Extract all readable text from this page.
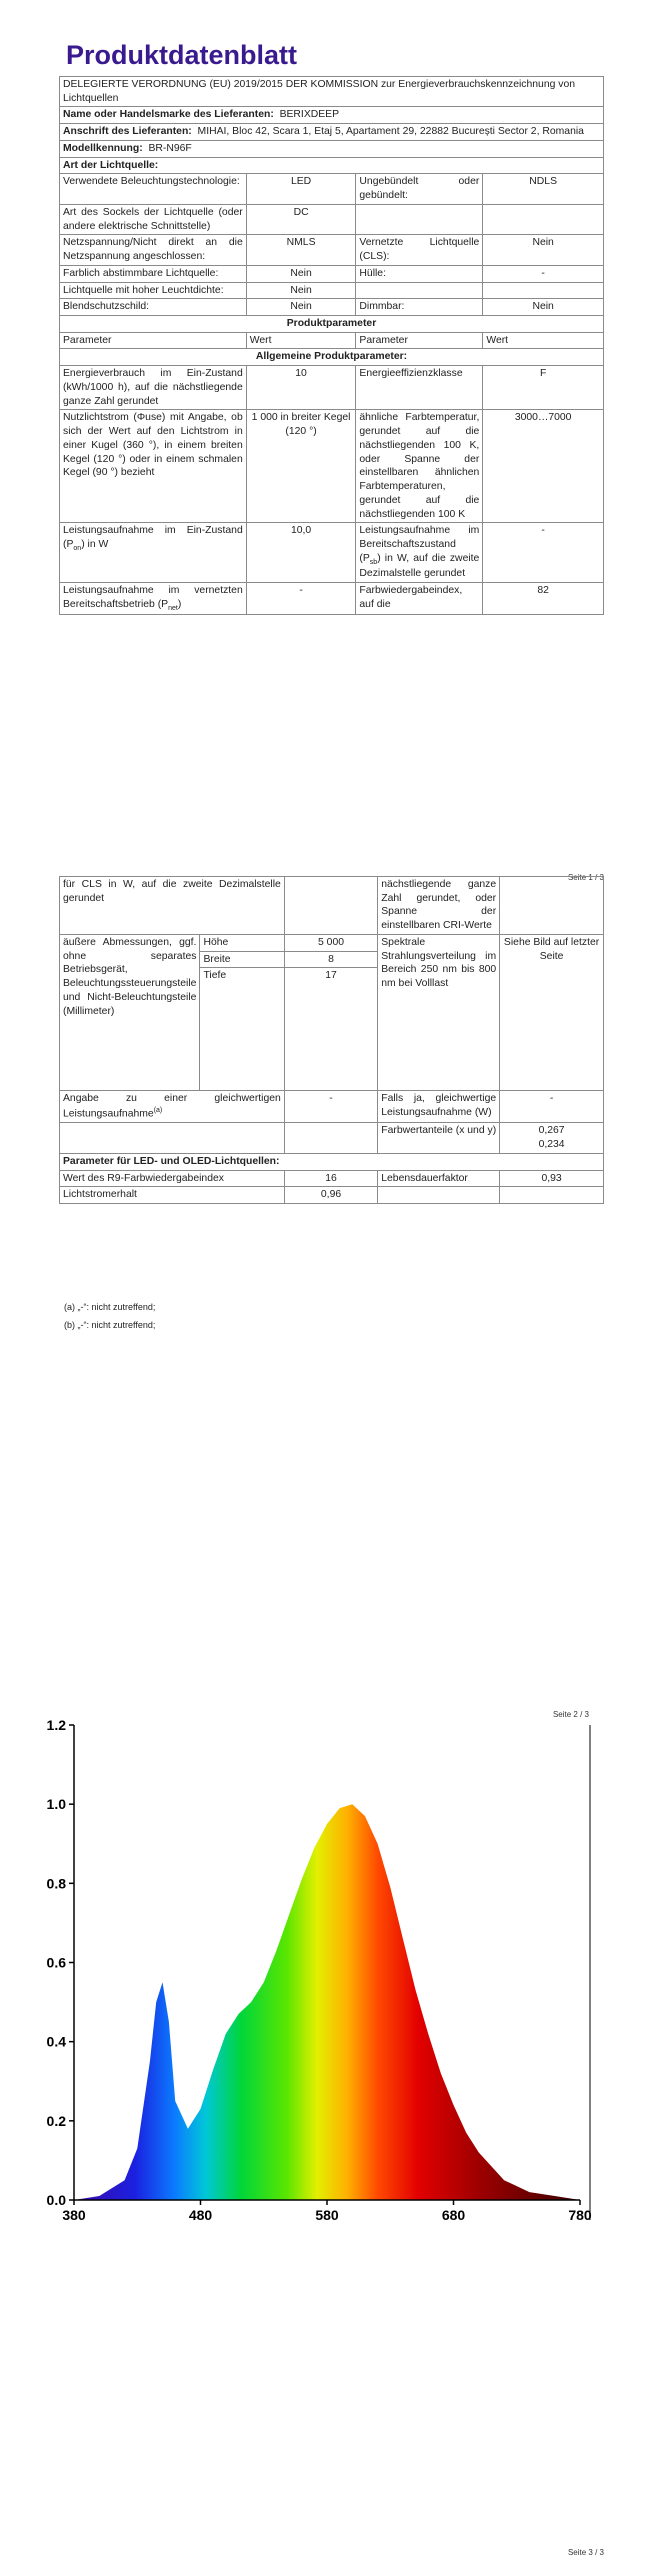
Produktdatenblatt
DELEGIERTE VERORDNUNG (EU) 2019/2015 DER KOMMISSION zur Energieverbrauchskennzeichnung von Lichtquellen			
Name oder Handelsmarke des Lieferanten: BERIXDEEP			
Anschrift des Lieferanten: MIHAI, Bloc 42, Scara 1, Etaj 5, Apartament 29, 22882 București Sector 2, Romania			
Modellkennung: BR-N96F			
Art der Lichtquelle:			
Verwendete Beleuchtungstechnologie:	LED	Ungebündelt oder gebündelt:	NDLS
Art des Sockels der Lichtquelle (oder andere elektrische Schnittstelle)	DC		
Netzspannung/Nicht direkt an die Netzspannung angeschlossen:	NMLS	Vernetzte Lichtquelle (CLS):	Nein
Farblich abstimmbare Lichtquelle:	Nein	Hülle:	-
Lichtquelle mit hoher Leuchtdichte:	Nein		
Blendschutzschild:	Nein	Dimmbar:	Nein
Produktparameter			
Parameter	Wert	Parameter	Wert
Allgemeine Produktparameter:			
Energieverbrauch im Ein-Zustand (kWh/1000 h), auf die nächstliegende ganze Zahl gerundet	10	Energieeffizienzklasse	F
Nutzlichtstrom (Φuse) mit Angabe, ob sich der Wert auf den Lichtstrom in einer Kugel (360 °), in einem breiten Kegel (120 °) oder in einem schmalen Kegel (90 °) bezieht	1 000 in breiter Kegel (120 °)	ähnliche Farbtemperatur, gerundet auf die nächstliegenden 100 K, oder Spanne der einstellbaren ähnlichen Farbtemperaturen, gerundet auf die nächstliegenden 100 K	3000…7000
Leistungsaufnahme im Ein-Zustand $(P_{on})$ in W	10,0	Leistungsaufnahme im Bereitschaftszustand $(P_{sb})$ in W, auf die zweite Dezimalstelle gerundet	-
Leistungsaufnahme im vernetzten Bereitschaftsbetrieb $(P_{net})$	-	Farbwiedergabeindex, auf die	82
Seite 1 / 3
für CLS in W, auf die zweite Dezimalstelle gerundet			nächstliegende ganze Zahl gerundet, oder Spanne der einstellbaren CRI-Werte	
äußere Abmessungen, ggf. ohne separates Betriebsgerät, Beleuchtungssteuerungsteile und Nicht-Beleuchtungsteile (Millimeter)	Höhe	5 000	Spektrale Strahlungsverteilung im Bereich 250 nm bis 800 nm bei Volllast	Siehe Bild auf letzter Seite
	Breite	8		
	Tiefe	17		
Angabe zu einer gleichwertigen Leistungsaufnahme$^{(a)}$		-	Falls ja, gleichwertige Leistungsaufnahme (W)	-
			Farbwertanteile (x und y)	0,267
0,234
Parameter für LED- und OLED-Lichtquellen:				
Wert des R9-Farbwiedergabeindex		16	Lebensdauerfaktor	0,93
Lichtstromerhalt		0,96		
(a) „-“: nicht zutreffend;
(b) „-“: nicht zutreffend;
Seite 2 / 3
0.0
0.2
0.4
0.6
0.8
1.0
1.2
380	480	580	680	780
Seite 3 / 3
